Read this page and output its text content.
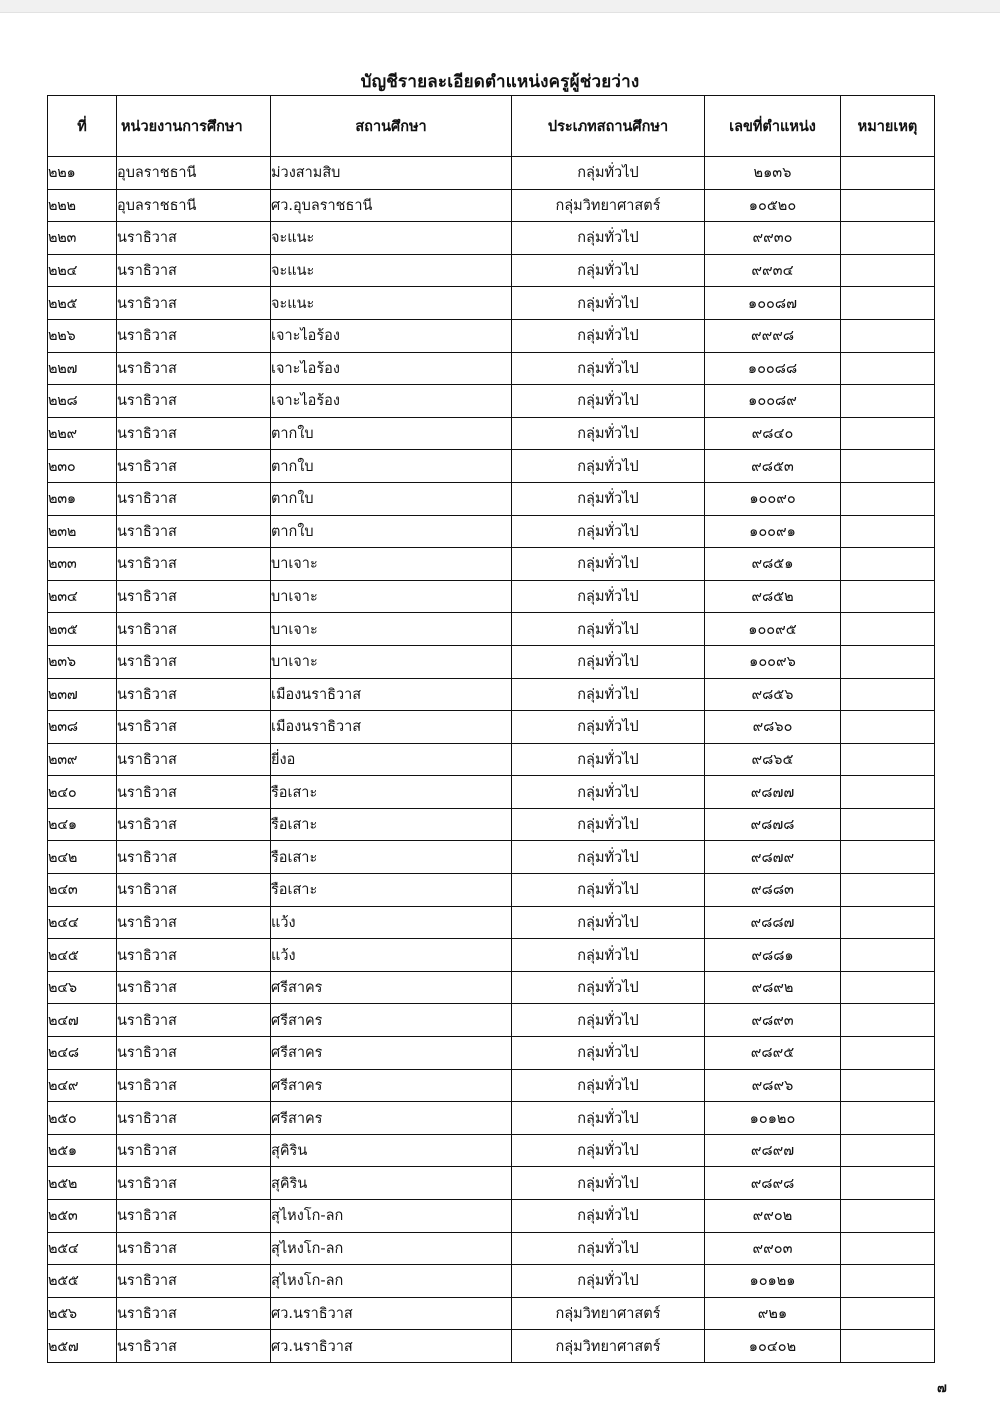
บัญชีรายละเอียดตำแหน่งครูผู้ช่วยว่าง
ที่	หน่วยงานการศึกษา	สถานศึกษา	ประเภทสถานศึกษา	เลขที่ตำแหน่ง	หมายเหตุ
๒๒๑	อุบลราชธานี	ม่วงสามสิบ	กลุ่มทั่วไป	๒๑๓๖	
๒๒๒	อุบลราชธานี	ศว.อุบลราชธานี	กลุ่มวิทยาศาสตร์	๑๐๕๒๐	
๒๒๓	นราธิวาส	จะแนะ	กลุ่มทั่วไป	๙๙๓๐	
๒๒๔	นราธิวาส	จะแนะ	กลุ่มทั่วไป	๙๙๓๔	
๒๒๕	นราธิวาส	จะแนะ	กลุ่มทั่วไป	๑๐๐๘๗	
๒๒๖	นราธิวาส	เจาะไอร้อง	กลุ่มทั่วไป	๙๙๙๘	
๒๒๗	นราธิวาส	เจาะไอร้อง	กลุ่มทั่วไป	๑๐๐๘๘	
๒๒๘	นราธิวาส	เจาะไอร้อง	กลุ่มทั่วไป	๑๐๐๘๙	
๒๒๙	นราธิวาส	ตากใบ	กลุ่มทั่วไป	๙๘๔๐	
๒๓๐	นราธิวาส	ตากใบ	กลุ่มทั่วไป	๙๘๕๓	
๒๓๑	นราธิวาส	ตากใบ	กลุ่มทั่วไป	๑๐๐๙๐	
๒๓๒	นราธิวาส	ตากใบ	กลุ่มทั่วไป	๑๐๐๙๑	
๒๓๓	นราธิวาส	บาเจาะ	กลุ่มทั่วไป	๙๘๕๑	
๒๓๔	นราธิวาส	บาเจาะ	กลุ่มทั่วไป	๙๘๕๒	
๒๓๕	นราธิวาส	บาเจาะ	กลุ่มทั่วไป	๑๐๐๙๕	
๒๓๖	นราธิวาส	บาเจาะ	กลุ่มทั่วไป	๑๐๐๙๖	
๒๓๗	นราธิวาส	เมืองนราธิวาส	กลุ่มทั่วไป	๙๘๕๖	
๒๓๘	นราธิวาส	เมืองนราธิวาส	กลุ่มทั่วไป	๙๘๖๐	
๒๓๙	นราธิวาส	ยี่งอ	กลุ่มทั่วไป	๙๘๖๕	
๒๔๐	นราธิวาส	รือเสาะ	กลุ่มทั่วไป	๙๘๗๗	
๒๔๑	นราธิวาส	รือเสาะ	กลุ่มทั่วไป	๙๘๗๘	
๒๔๒	นราธิวาส	รือเสาะ	กลุ่มทั่วไป	๙๘๗๙	
๒๔๓	นราธิวาส	รือเสาะ	กลุ่มทั่วไป	๙๘๘๓	
๒๔๔	นราธิวาส	แว้ง	กลุ่มทั่วไป	๙๘๘๗	
๒๔๕	นราธิวาส	แว้ง	กลุ่มทั่วไป	๙๘๘๑	
๒๔๖	นราธิวาส	ศรีสาคร	กลุ่มทั่วไป	๙๘๙๒	
๒๔๗	นราธิวาส	ศรีสาคร	กลุ่มทั่วไป	๙๘๙๓	
๒๔๘	นราธิวาส	ศรีสาคร	กลุ่มทั่วไป	๙๘๙๕	
๒๔๙	นราธิวาส	ศรีสาคร	กลุ่มทั่วไป	๙๘๙๖	
๒๕๐	นราธิวาส	ศรีสาคร	กลุ่มทั่วไป	๑๐๑๒๐	
๒๕๑	นราธิวาส	สุคิริน	กลุ่มทั่วไป	๙๘๙๗	
๒๕๒	นราธิวาส	สุคิริน	กลุ่มทั่วไป	๙๘๙๘	
๒๕๓	นราธิวาส	สุไหงโก-ลก	กลุ่มทั่วไป	๙๙๐๒	
๒๕๔	นราธิวาส	สุไหงโก-ลก	กลุ่มทั่วไป	๙๙๐๓	
๒๕๕	นราธิวาส	สุไหงโก-ลก	กลุ่มทั่วไป	๑๐๑๒๑	
๒๕๖	นราธิวาส	ศว.นราธิวาส	กลุ่มวิทยาศาสตร์	๙๒๑	
๒๕๗	นราธิวาส	ศว.นราธิวาส	กลุ่มวิทยาศาสตร์	๑๐๔๐๒	
๗
